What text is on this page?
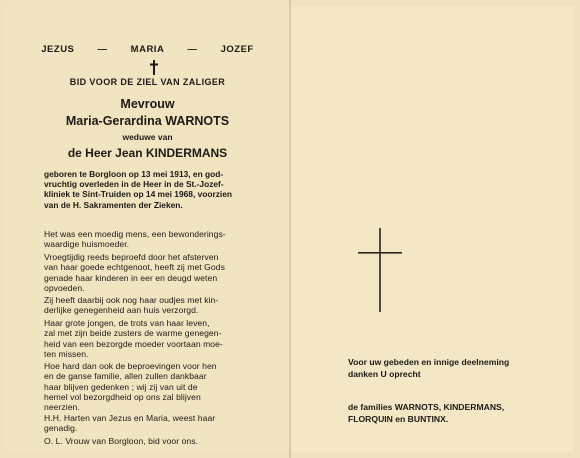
JEZUS — MARIA — JOZEF
BID VOOR DE ZIEL VAN ZALIGER
Mevrouw
Maria-Gerardina WARNOTS
weduwe van
de Heer Jean KINDERMANS
geboren te Borgloon op 13 mei 1913, en god-
vruchtig overleden in de Heer in de St.-Jozef-
kliniek te Sint-Truiden op 14 mei 1968, voorzien
van de H. Sakramenten der Zieken.
Het was een moedig mens, een bewonderings-
waardige huismoeder.
Vroegtijdig reeds beproefd door het afsterven
van haar goede echtgenoot, heeft zij met Gods
genade haar kinderen in eer en deugd weten
opvoeden.
Zij heeft daarbij ook nog haar oudjes met kin-
derlijke genegenheid aan huis verzorgd.
Haar grote jongen, de trots van haar leven,
zal met zijn beide zusters de warme genegen-
heid van een bezorgde moeder voortaan moe-
ten missen.
Hoe hard dan ook de beproevingen voor hen
en de ganse familie, allen zullen dankbaar
haar blijven gedenken ; wij zij van uit de
hemel vol bezorgdheid op ons zal blijven
neerzien.
H.H. Harten van Jezus en Maria, weest haar
genadig.
O. L. Vrouw van Borgloon, bid voor ons.
Voor uw gebeden en innige deelneming
danken U oprecht
de families WARNOTS, KINDERMANS,
FLORQUIN en BUNTINX.
